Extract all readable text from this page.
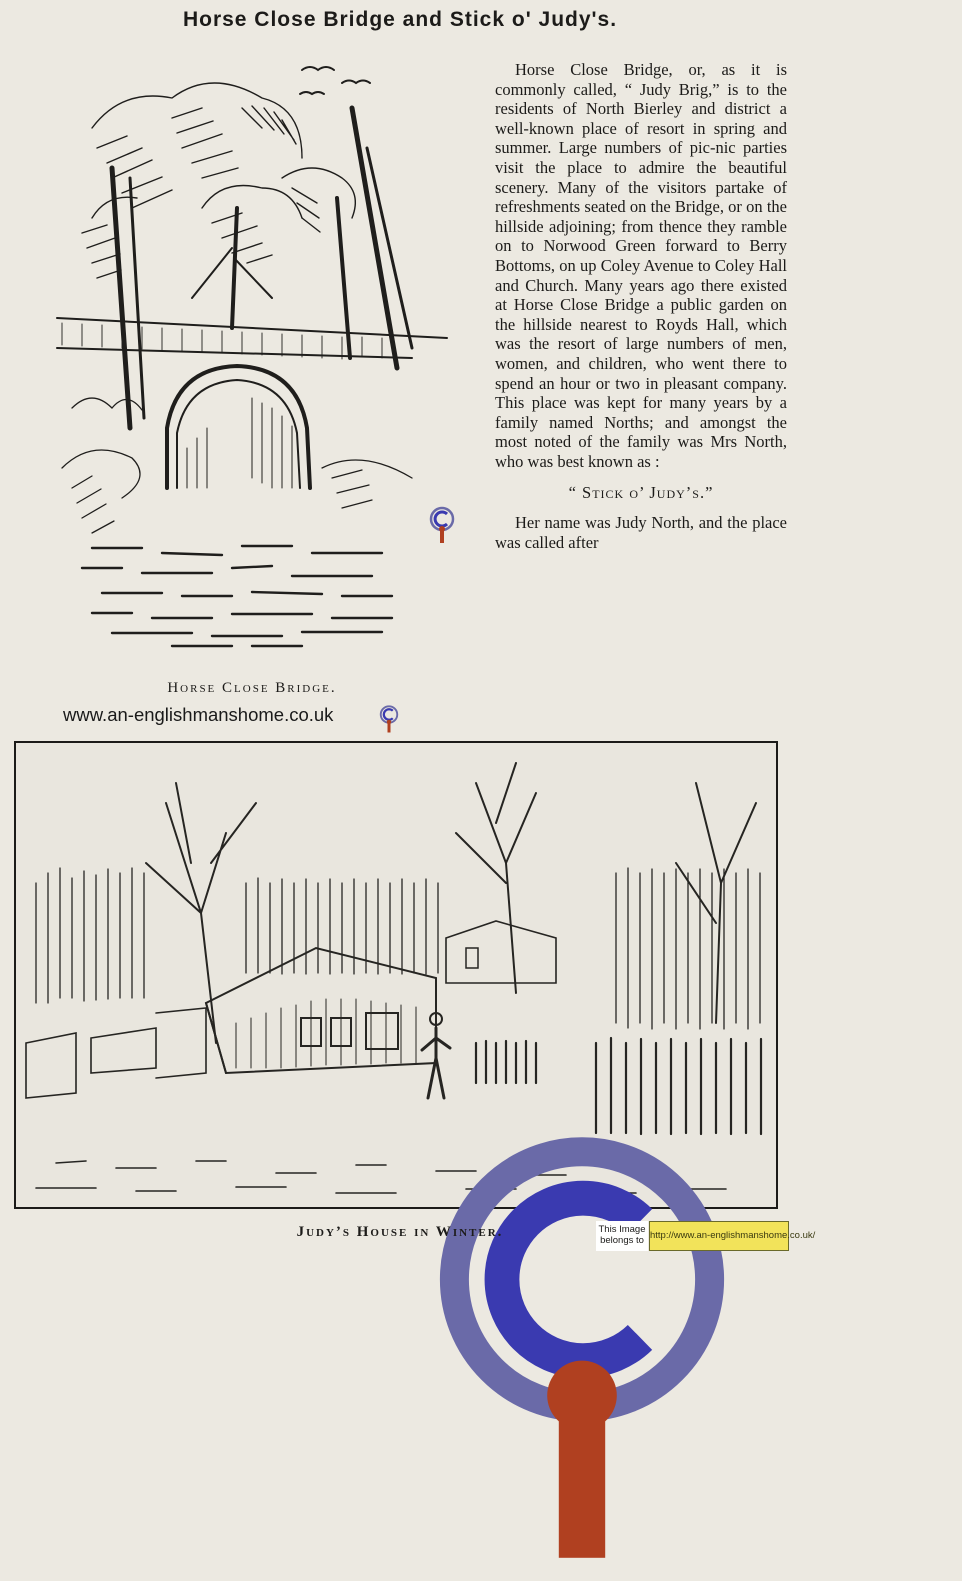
Horse Close Bridge and Stick o' Judy's.

Horse Close Bridge, or, as it is commonly called, “ Judy Brig,” is to the residents of North Bierley and district a well-known place of resort in spring and summer. Large numbers of pic-nic parties visit the place to admire the beautiful scenery. Many of the visitors partake of refreshments seated on the Bridge, or on the hillside adjoining; from thence they ramble on to Norwood Green forward to Berry Bottoms, on up Coley Avenue to Coley Hall and Church. Many years ago there existed at Horse Close Bridge a public garden on the hillside nearest to Royds Hall, which was the resort of large numbers of men, women, and children, who went there to spend an hour or two in pleasant company. This place was kept for many years by a family named Norths; and amongst the most noted of the family was Mrs North, who was best known as :

“ Stick o’ Judy’s.”

Her name was Judy North, and the place was called after

Horse Close Bridge.
www.an-englishmanshome.co.uk
Judy’s House in Winter.	This Image
belongs to http://www.an-englishmanshome.co.uk/
